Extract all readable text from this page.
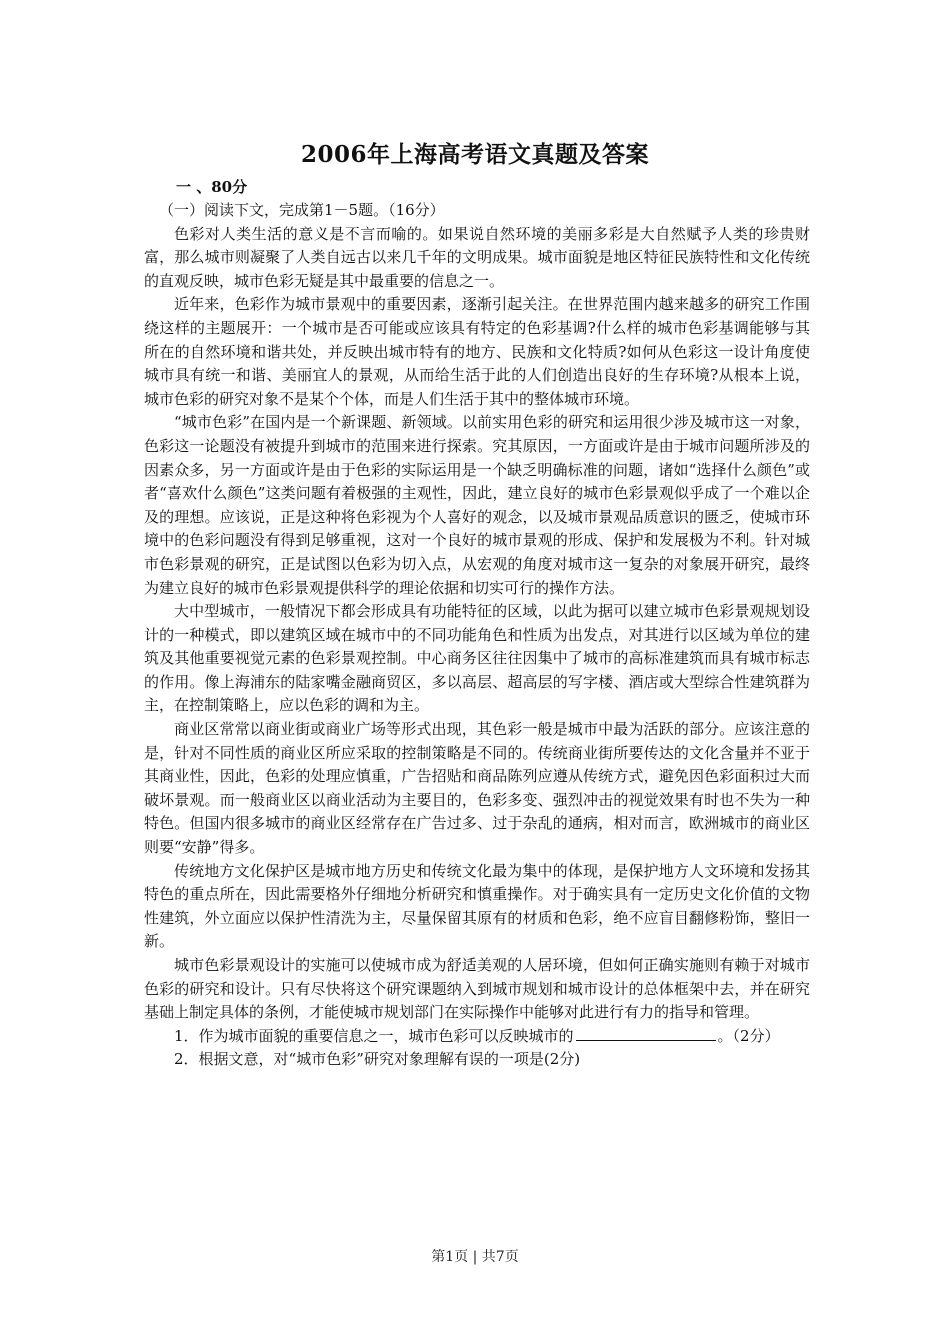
2006年上海高考语文真题及答案

一 、80分

（一）阅读下文，完成第1－5题。（16分）

色彩对人类生活的意义是不言而喻的。如果说自然环境的美丽多彩是大自然赋予人类的珍贵财富，那么城市则凝聚了人类自远古以来几千年的文明成果。城市面貌是地区特征民族特性和文化传统的直观反映，城市色彩无疑是其中最重要的信息之一。

近年来，色彩作为城市景观中的重要因素，逐渐引起关注。在世界范围内越来越多的研究工作围绕这样的主题展开：一个城市是否可能或应该具有特定的色彩基调?什么样的城市色彩基调能够与其所在的自然环境和谐共处，并反映出城市特有的地方、民族和文化特质?如何从色彩这一设计角度使城市具有统一和谐、美丽宜人的景观，从而给生活于此的人们创造出良好的生存环境?从根本上说，城市色彩的研究对象不是某个个体，而是人们生活于其中的整体城市环境。

“城市色彩”在国内是一个新课题、新领域。以前实用色彩的研究和运用很少涉及城市这一对象，色彩这一论题没有被提升到城市的范围来进行探索。究其原因，一方面或许是由于城市问题所涉及的因素众多，另一方面或许是由于色彩的实际运用是一个缺乏明确标准的问题，诸如“选择什么颜色”或者“喜欢什么颜色”这类问题有着极强的主观性，因此，建立良好的城市色彩景观似乎成了一个难以企及的理想。应该说，正是这种将色彩视为个人喜好的观念，以及城市景观品质意识的匮乏，使城市环境中的色彩问题没有得到足够重视，这对一个良好的城市景观的形成、保护和发展极为不利。针对城市色彩景观的研究，正是试图以色彩为切入点，从宏观的角度对城市这一复杂的对象展开研究，最终为建立良好的城市色彩景观提供科学的理论依据和切实可行的操作方法。

大中型城市，一般情况下都会形成具有功能特征的区域，以此为据可以建立城市色彩景观规划设计的一种模式，即以建筑区域在城市中的不同功能角色和性质为出发点，对其进行以区域为单位的建筑及其他重要视觉元素的色彩景观控制。中心商务区往往因集中了城市的高标准建筑而具有城市标志的作用。像上海浦东的陆家嘴金融商贸区，多以高层、超高层的写字楼、酒店或大型综合性建筑群为主，在控制策略上，应以色彩的调和为主。

商业区常常以商业街或商业广场等形式出现，其色彩一般是城市中最为活跃的部分。应该注意的是，针对不同性质的商业区所应采取的控制策略是不同的。传统商业街所要传达的文化含量并不亚于其商业性，因此，色彩的处理应慎重，广告招贴和商品陈列应遵从传统方式，避免因色彩面积过大而破坏景观。而一般商业区以商业活动为主要目的，色彩多变、强烈冲击的视觉效果有时也不失为一种特色。但国内很多城市的商业区经常存在广告过多、过于杂乱的通病，相对而言，欧洲城市的商业区则要“安静”得多。

传统地方文化保护区是城市地方历史和传统文化最为集中的体现，是保护地方人文环境和发扬其特色的重点所在，因此需要格外仔细地分析研究和慎重操作。对于确实具有一定历史文化价值的文物性建筑，外立面应以保护性清洗为主，尽量保留其原有的材质和色彩，绝不应盲目翻修粉饰，整旧一新。

城市色彩景观设计的实施可以使城市成为舒适美观的人居环境，但如何正确实施则有赖于对城市色彩的研究和设计。只有尽快将这个研究课题纳入到城市规划和城市设计的总体框架中去，并在研究基础上制定具体的条例，才能使城市规划部门在实际操作中能够对此进行有力的指导和管理。

1．作为城市面貌的重要信息之一，城市色彩可以反映城市的	。（2分）

2．根据文意，对“城市色彩”研究对象理解有误的一项是(2分)

第1页 | 共7页
